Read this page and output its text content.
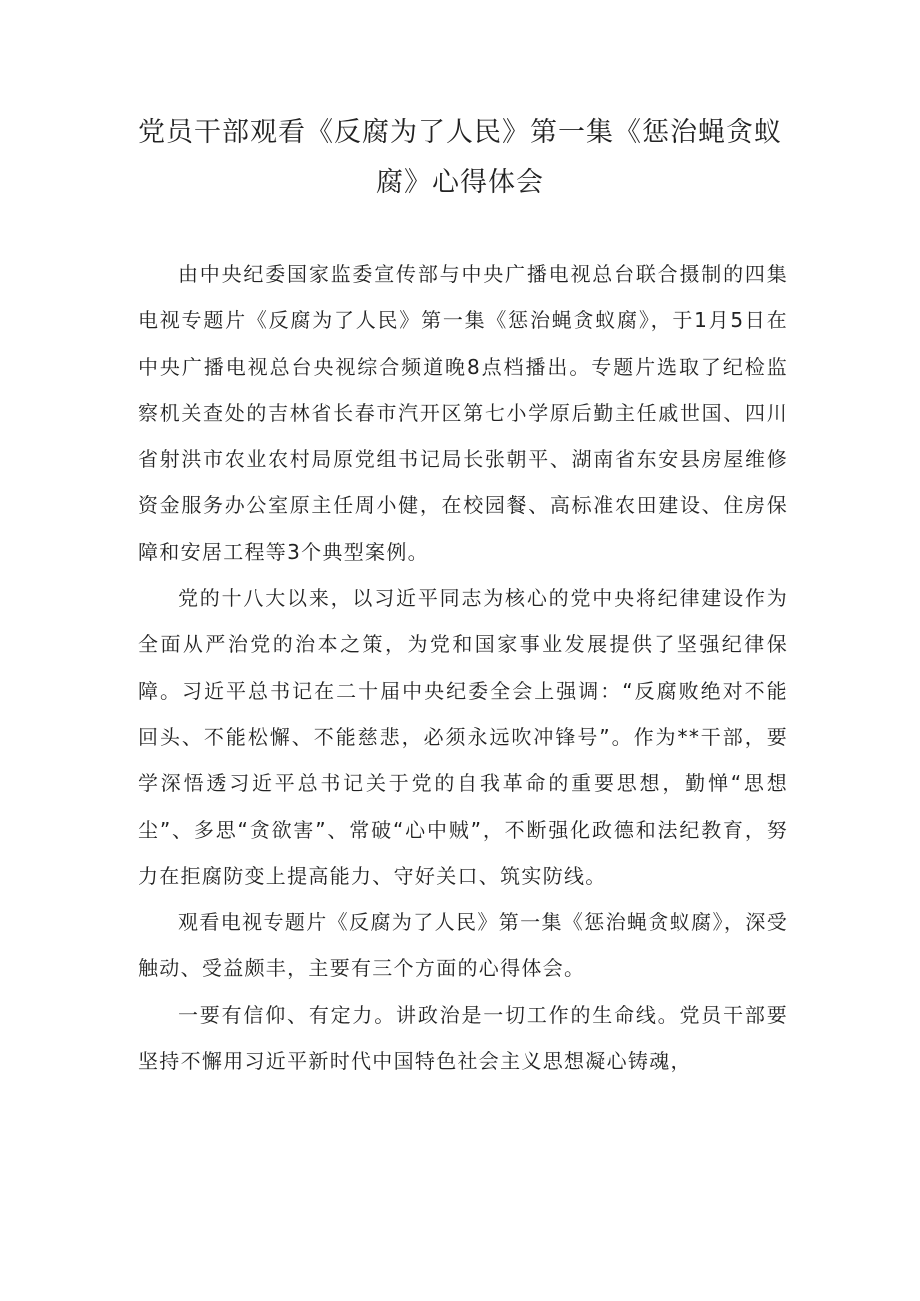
党员干部观看《反腐为了人民》第一集《惩治蝇贪蚁
腐》心得体会

由中央纪委国家监委宣传部与中央广播电视总台联合摄制的四集电视专题片《反腐为了人民》第一集《惩治蝇贪蚁腐》，于1月5日在中央广播电视总台央视综合频道晚8点档播出。专题片选取了纪检监察机关查处的吉林省长春市汽开区第七小学原后勤主任戚世国、四川省射洪市农业农村局原党组书记局长张朝平、湖南省东安县房屋维修资金服务办公室原主任周小健，在校园餐、高标准农田建设、住房保障和安居工程等3个典型案例。

党的十八大以来，以习近平同志为核心的党中央将纪律建设作为全面从严治党的治本之策，为党和国家事业发展提供了坚强纪律保障。习近平总书记在二十届中央纪委全会上强调：“反腐败绝对不能回头、不能松懈、不能慈悲，必须永远吹冲锋号”。作为**干部，要学深悟透习近平总书记关于党的自我革命的重要思想，勤惮“思想尘”、多思“贪欲害”、常破“心中贼”，不断强化政德和法纪教育，努力在拒腐防变上提高能力、守好关口、筑实防线。

观看电视专题片《反腐为了人民》第一集《惩治蝇贪蚁腐》，深受触动、受益颇丰，主要有三个方面的心得体会。

一要有信仰、有定力。讲政治是一切工作的生命线。党员干部要坚持不懈用习近平新时代中国特色社会主义思想凝心铸魂，
